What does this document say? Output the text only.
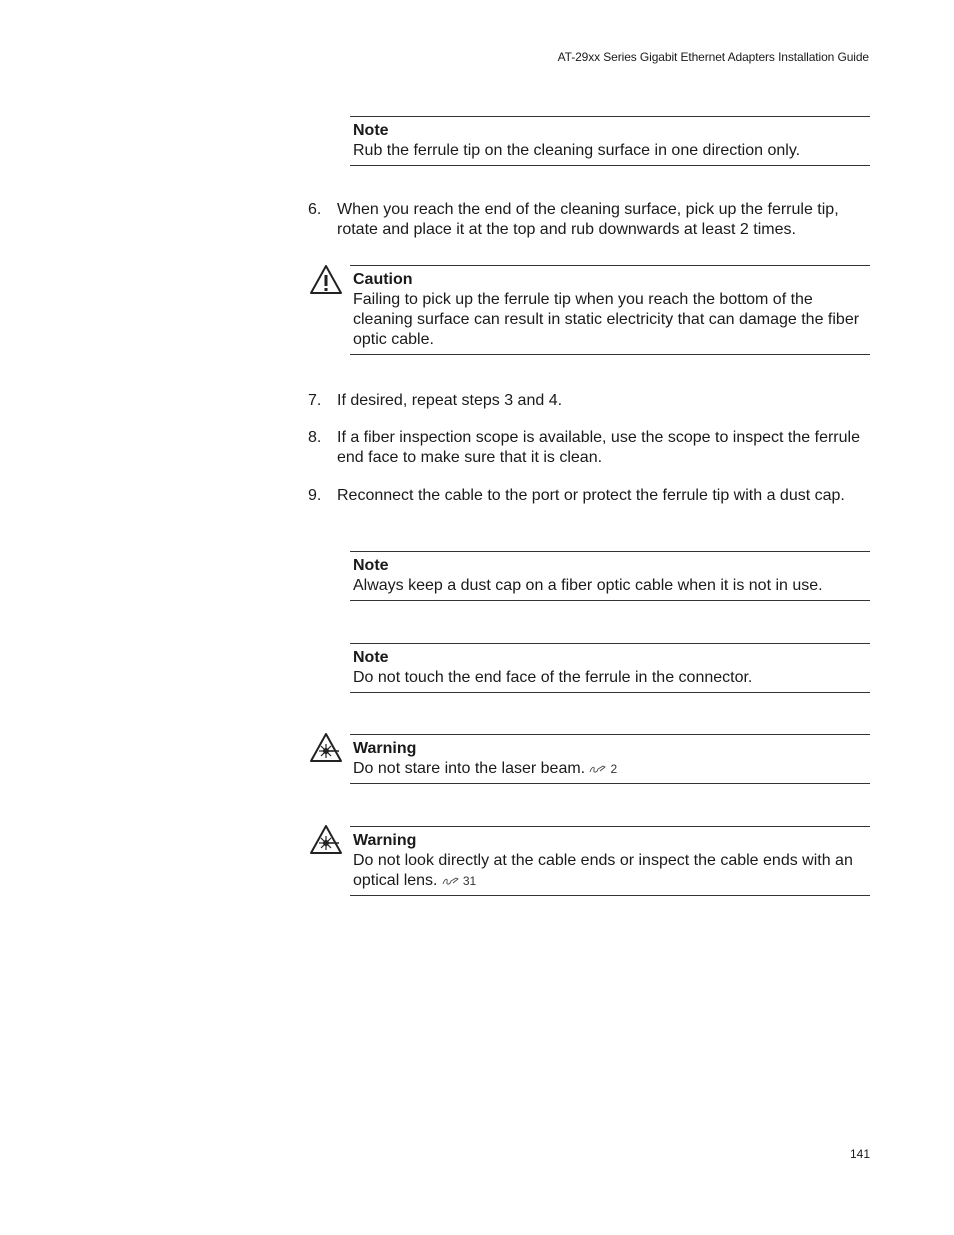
AT-29xx Series Gigabit Ethernet Adapters Installation Guide
Note
Rub the ferrule tip on the cleaning surface in one direction only.
6. When you reach the end of the cleaning surface, pick up the ferrule tip, rotate and place it at the top and rub downwards at least 2 times.
Caution
Failing to pick up the ferrule tip when you reach the bottom of the cleaning surface can result in static electricity that can damage the fiber optic cable.
7. If desired, repeat steps 3 and 4.
8. If a fiber inspection scope is available, use the scope to inspect the ferrule end face to make sure that it is clean.
9. Reconnect the cable to the port or protect the ferrule tip with a dust cap.
Note
Always keep a dust cap on a fiber optic cable when it is not in use.
Note
Do not touch the end face of the ferrule in the connector.
Warning
Do not stare into the laser beam. 2
Warning
Do not look directly at the cable ends or inspect the cable ends with an optical lens. 31
141
